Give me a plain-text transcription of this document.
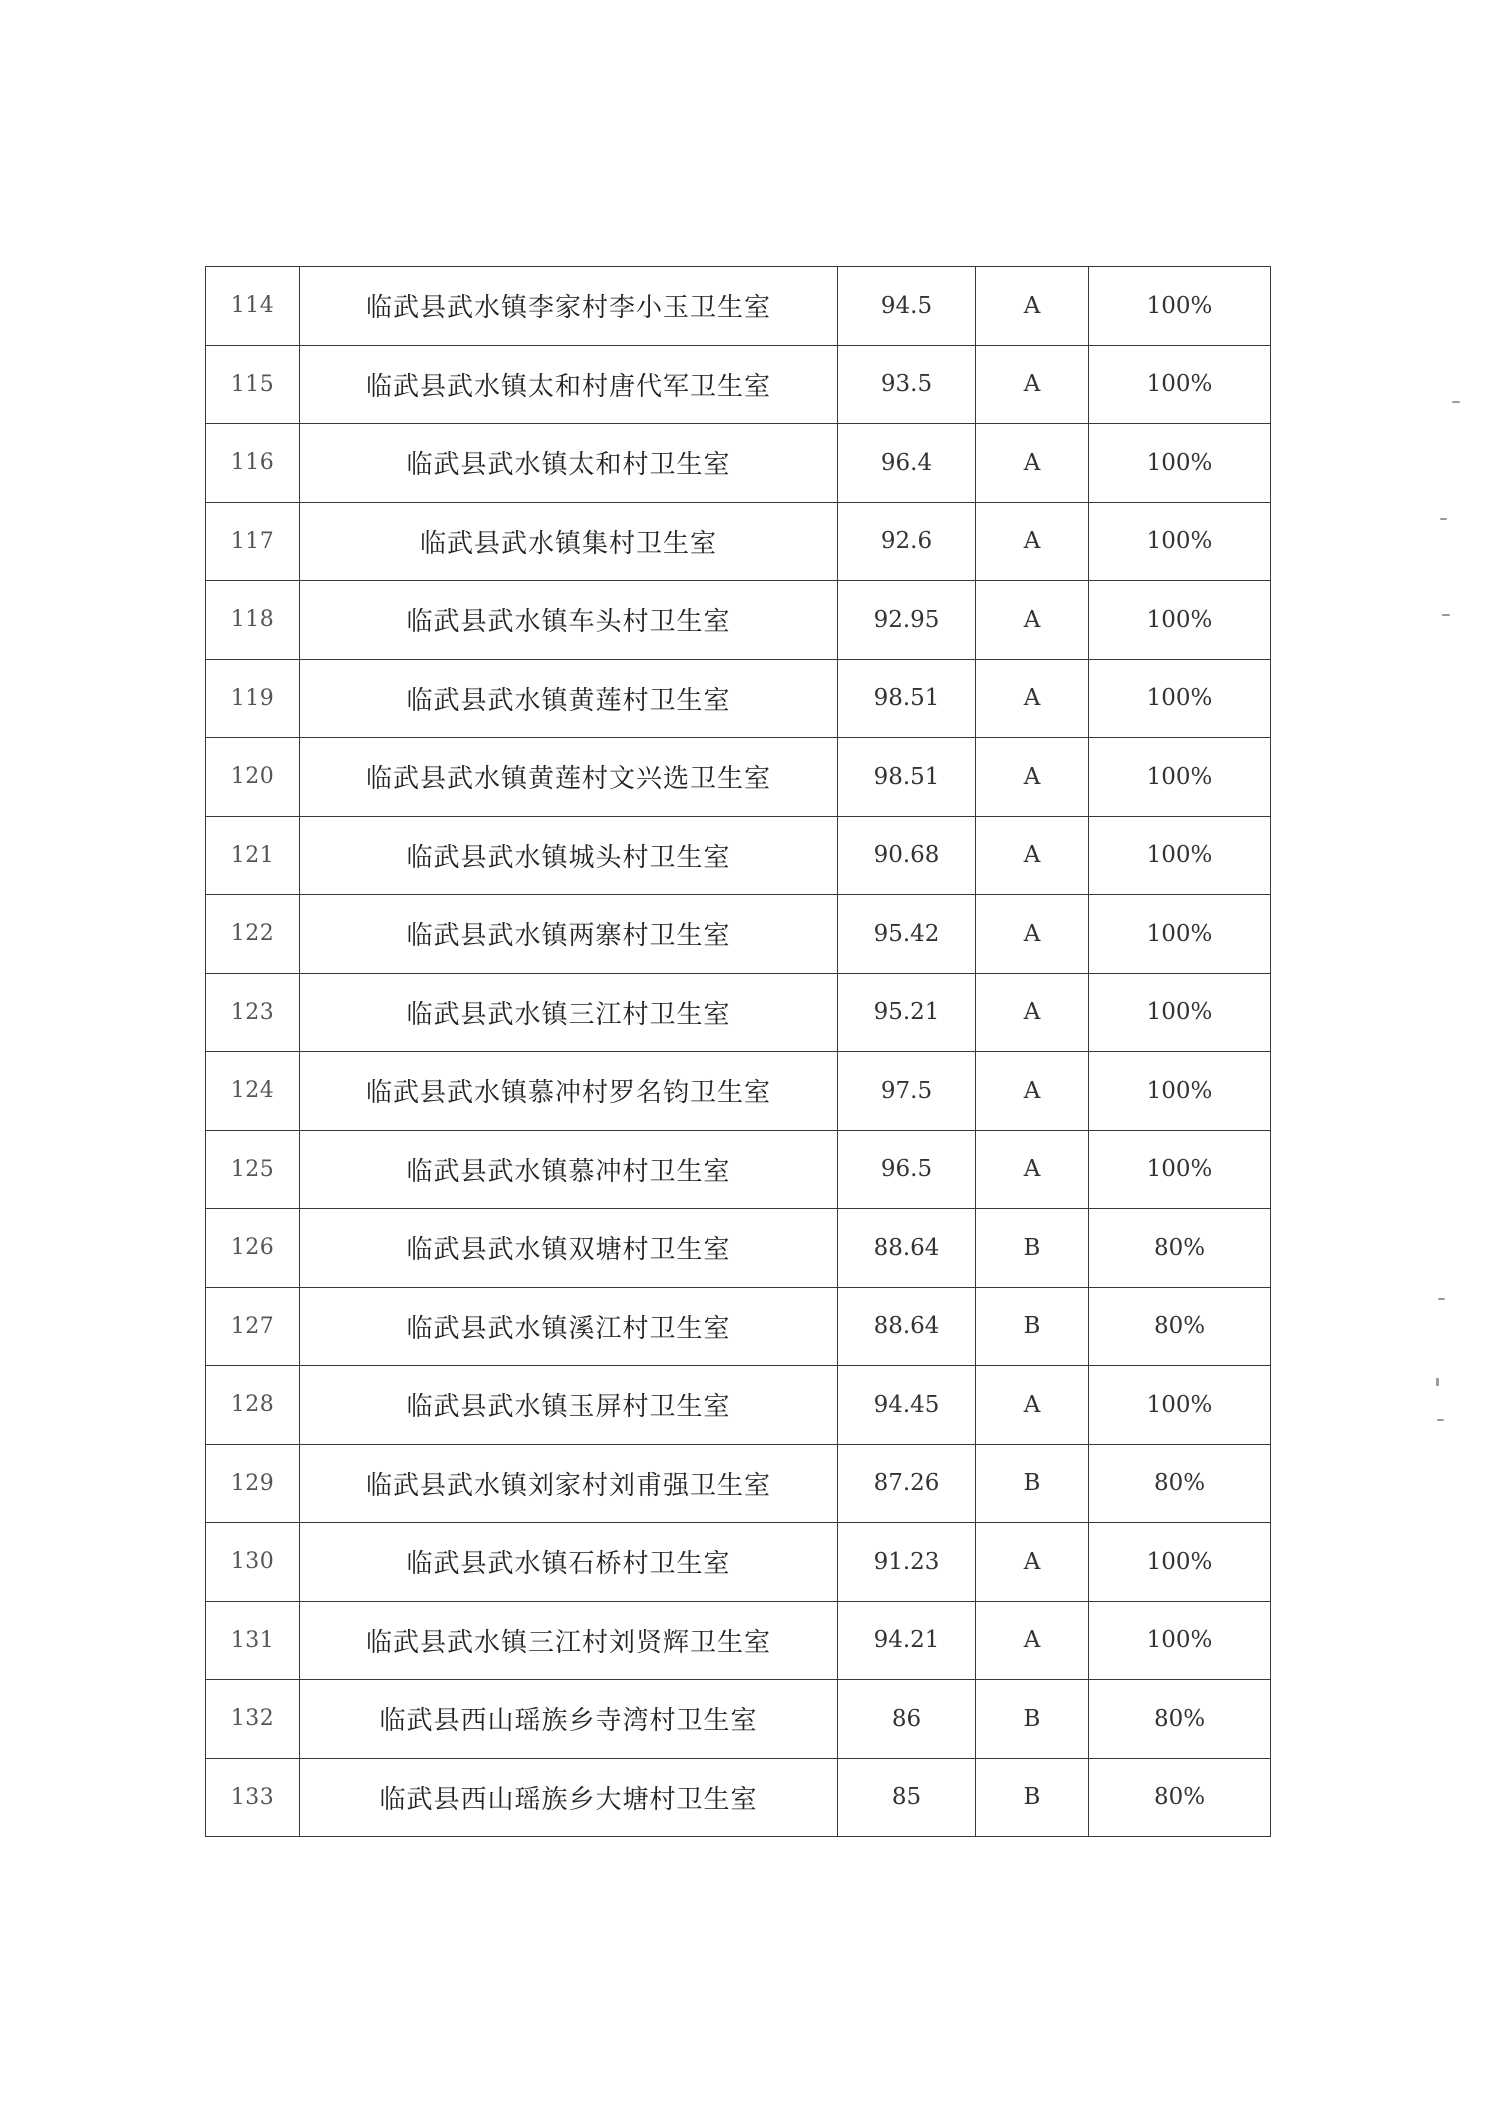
114	临武县武水镇李家村李小玉卫生室	94.5	A	100%
115	临武县武水镇太和村唐代军卫生室	93.5	A	100%
116	临武县武水镇太和村卫生室	96.4	A	100%
117	临武县武水镇集村卫生室	92.6	A	100%
118	临武县武水镇车头村卫生室	92.95	A	100%
119	临武县武水镇黄莲村卫生室	98.51	A	100%
120	临武县武水镇黄莲村文兴选卫生室	98.51	A	100%
121	临武县武水镇城头村卫生室	90.68	A	100%
122	临武县武水镇两寨村卫生室	95.42	A	100%
123	临武县武水镇三江村卫生室	95.21	A	100%
124	临武县武水镇慕冲村罗名钧卫生室	97.5	A	100%
125	临武县武水镇慕冲村卫生室	96.5	A	100%
126	临武县武水镇双塘村卫生室	88.64	B	80%
127	临武县武水镇溪江村卫生室	88.64	B	80%
128	临武县武水镇玉屏村卫生室	94.45	A	100%
129	临武县武水镇刘家村刘甫强卫生室	87.26	B	80%
130	临武县武水镇石桥村卫生室	91.23	A	100%
131	临武县武水镇三江村刘贤辉卫生室	94.21	A	100%
132	临武县西山瑶族乡寺湾村卫生室	86	B	80%
133	临武县西山瑶族乡大塘村卫生室	85	B	80%
